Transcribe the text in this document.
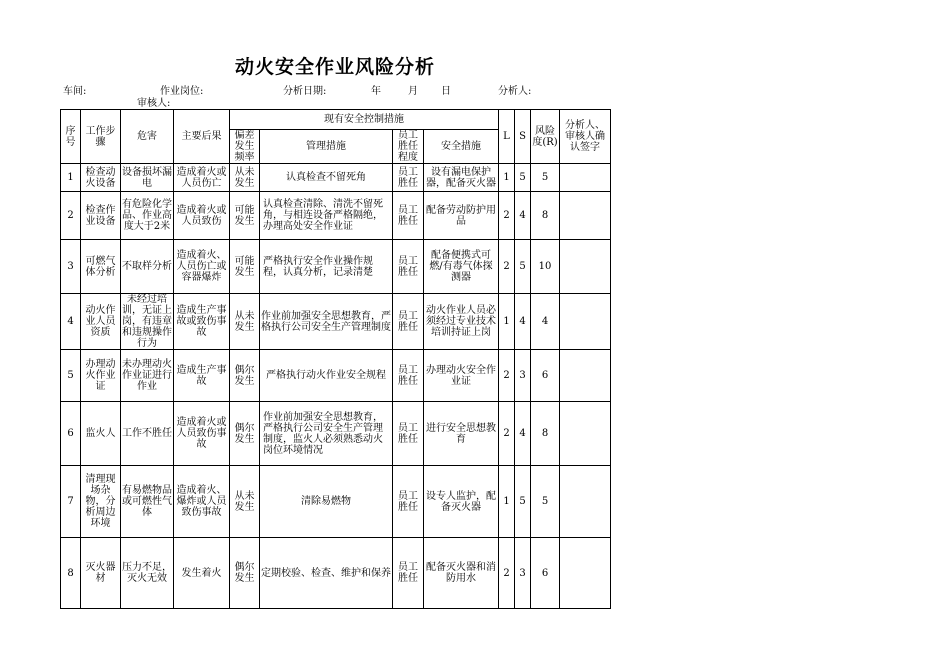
动火安全作业风险分析
车间:	作业岗位:	分析日期:	年	月 日	分析人:
审核人:
序号	工作步骤	危害	主要后果	现有安全控制措施				L	S	风险度(R)	分析人、审核人确认签字
				偏差发生频率	管理措施	员工胜任程度	安全措施				
1	检查动火设备	设备损坏漏电	造成着火或人员伤亡	从未发生	认真检查不留死角	员工胜任	设有漏电保护器，配备灭火器	1	5	5	
2	检查作业设备	有危险化学品、作业高度大于2米	造成着火或人员致伤	可能发生	认真检查清除、清洗不留死角，与相连设备严格隔绝，办理高处安全作业证	员工胜任	配备劳动防护用品	2	4	8	
3	可燃气体分析	不取样分析	造成着火、人员伤亡或容器爆炸	可能发生	严格执行安全作业操作规程，认真分析，记录清楚	员工胜任	配备便携式可燃/有毒气体探测器	2	5	10	
4	动火作业人员资质	未经过培训，无证上岗，有违章和违规操作行为	造成生产事故或致伤事故	从未发生	作业前加强安全思想教育，严格执行公司安全生产管理制度	员工胜任	动火作业人员必须经过专业技术培训持证上岗	1	4	4	
5	办理动火作业证	未办理动火作业证进行作业	造成生产事故	偶尔发生	严格执行动火作业安全规程	员工胜任	办理动火安全作业证	2	3	6	
6	监火人	工作不胜任	造成着火或人员致伤事故	偶尔发生	作业前加强安全思想教育，严格执行公司安全生产管理制度，监火人必须熟悉动火岗位环境情况	员工胜任	进行安全思想教育	2	4	8	
7	清理现场杂物，分析周边环境	有易燃物品或可燃性气体	造成着火、爆炸或人员致伤事故	从未发生	清除易燃物	员工胜任	设专人监护，配备灭火器	1	5	5	
8	灭火器材	压力不足，灭火无效	发生着火	偶尔发生	定期校验、检查、维护和保养	员工胜任	配备灭火器和消防用水	2	3	6	
